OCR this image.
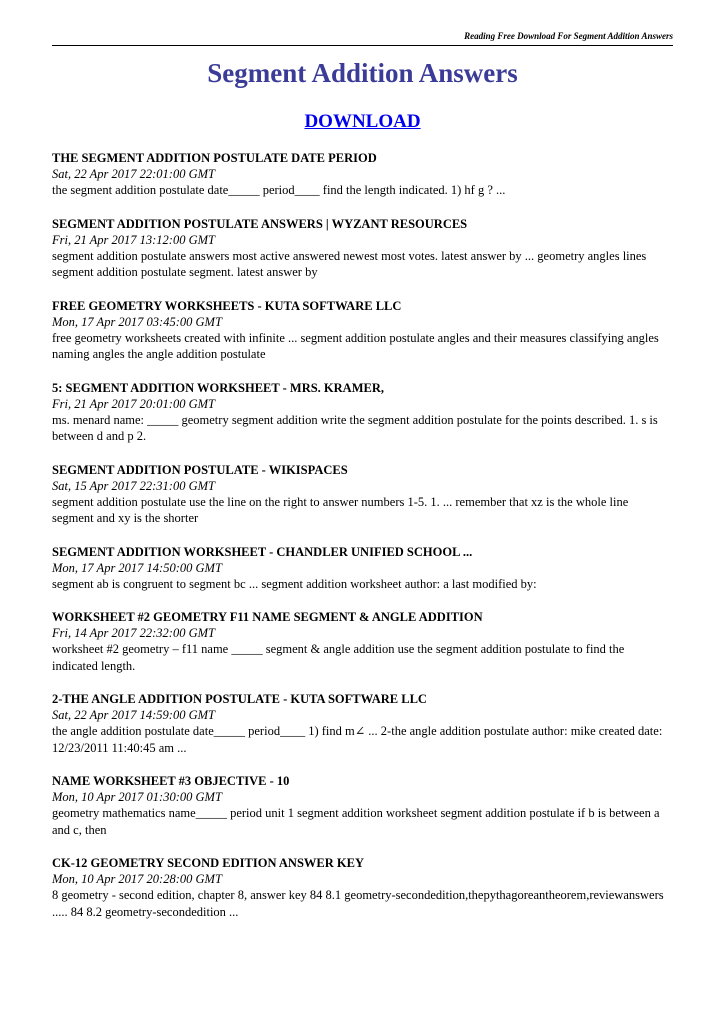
Reading Free Download For Segment Addition Answers
Segment Addition Answers
DOWNLOAD

THE SEGMENT ADDITION POSTULATE DATE PERIOD

Sat, 22 Apr 2017 22:01:00 GMT

the segment addition postulate date_____ period____ find the length indicated. 1) hf g ? ...

SEGMENT ADDITION POSTULATE ANSWERS | WYZANT RESOURCES

Fri, 21 Apr 2017 13:12:00 GMT

segment addition postulate answers most active answered newest most votes. latest answer by ... geometry angles lines segment addition postulate segment. latest answer by

FREE GEOMETRY WORKSHEETS - KUTA SOFTWARE LLC

Mon, 17 Apr 2017 03:45:00 GMT

free geometry worksheets created with infinite ... segment addition postulate angles and their measures classifying angles naming angles the angle addition postulate

5: SEGMENT ADDITION WORKSHEET - MRS. KRAMER,

Fri, 21 Apr 2017 20:01:00 GMT

ms. menard name: _____ geometry segment addition write the segment addition postulate for the points described. 1. s is between d and p 2.

SEGMENT ADDITION POSTULATE - WIKISPACES

Sat, 15 Apr 2017 22:31:00 GMT

segment addition postulate use the line on the right to answer numbers 1-5. 1. ... remember that xz is the whole line segment and xy is the shorter

SEGMENT ADDITION WORKSHEET - CHANDLER UNIFIED SCHOOL ...

Mon, 17 Apr 2017 14:50:00 GMT

segment ab is congruent to segment bc ... segment addition worksheet author: a last modified by:

WORKSHEET #2 GEOMETRY F11 NAME SEGMENT & ANGLE ADDITION

Fri, 14 Apr 2017 22:32:00 GMT

worksheet #2 geometry – f11 name _____ segment & angle addition use the segment addition postulate to find the indicated length.

2-THE ANGLE ADDITION POSTULATE - KUTA SOFTWARE LLC

Sat, 22 Apr 2017 14:59:00 GMT

the angle addition postulate date_____ period____ 1) find m∠ ... 2-the angle addition postulate author: mike created date: 12/23/2011 11:40:45 am ...

NAME WORKSHEET #3 OBJECTIVE - 10

Mon, 10 Apr 2017 01:30:00 GMT

geometry mathematics name_____ period unit 1 segment addition worksheet segment addition postulate if b is between a and c, then

CK-12 GEOMETRY SECOND EDITION ANSWER KEY

Mon, 10 Apr 2017 20:28:00 GMT

8 geometry - second edition, chapter 8, answer key 84 8.1 geometry-secondedition,thepythagoreantheorem,reviewanswers ..... 84 8.2 geometry-secondedition ...
